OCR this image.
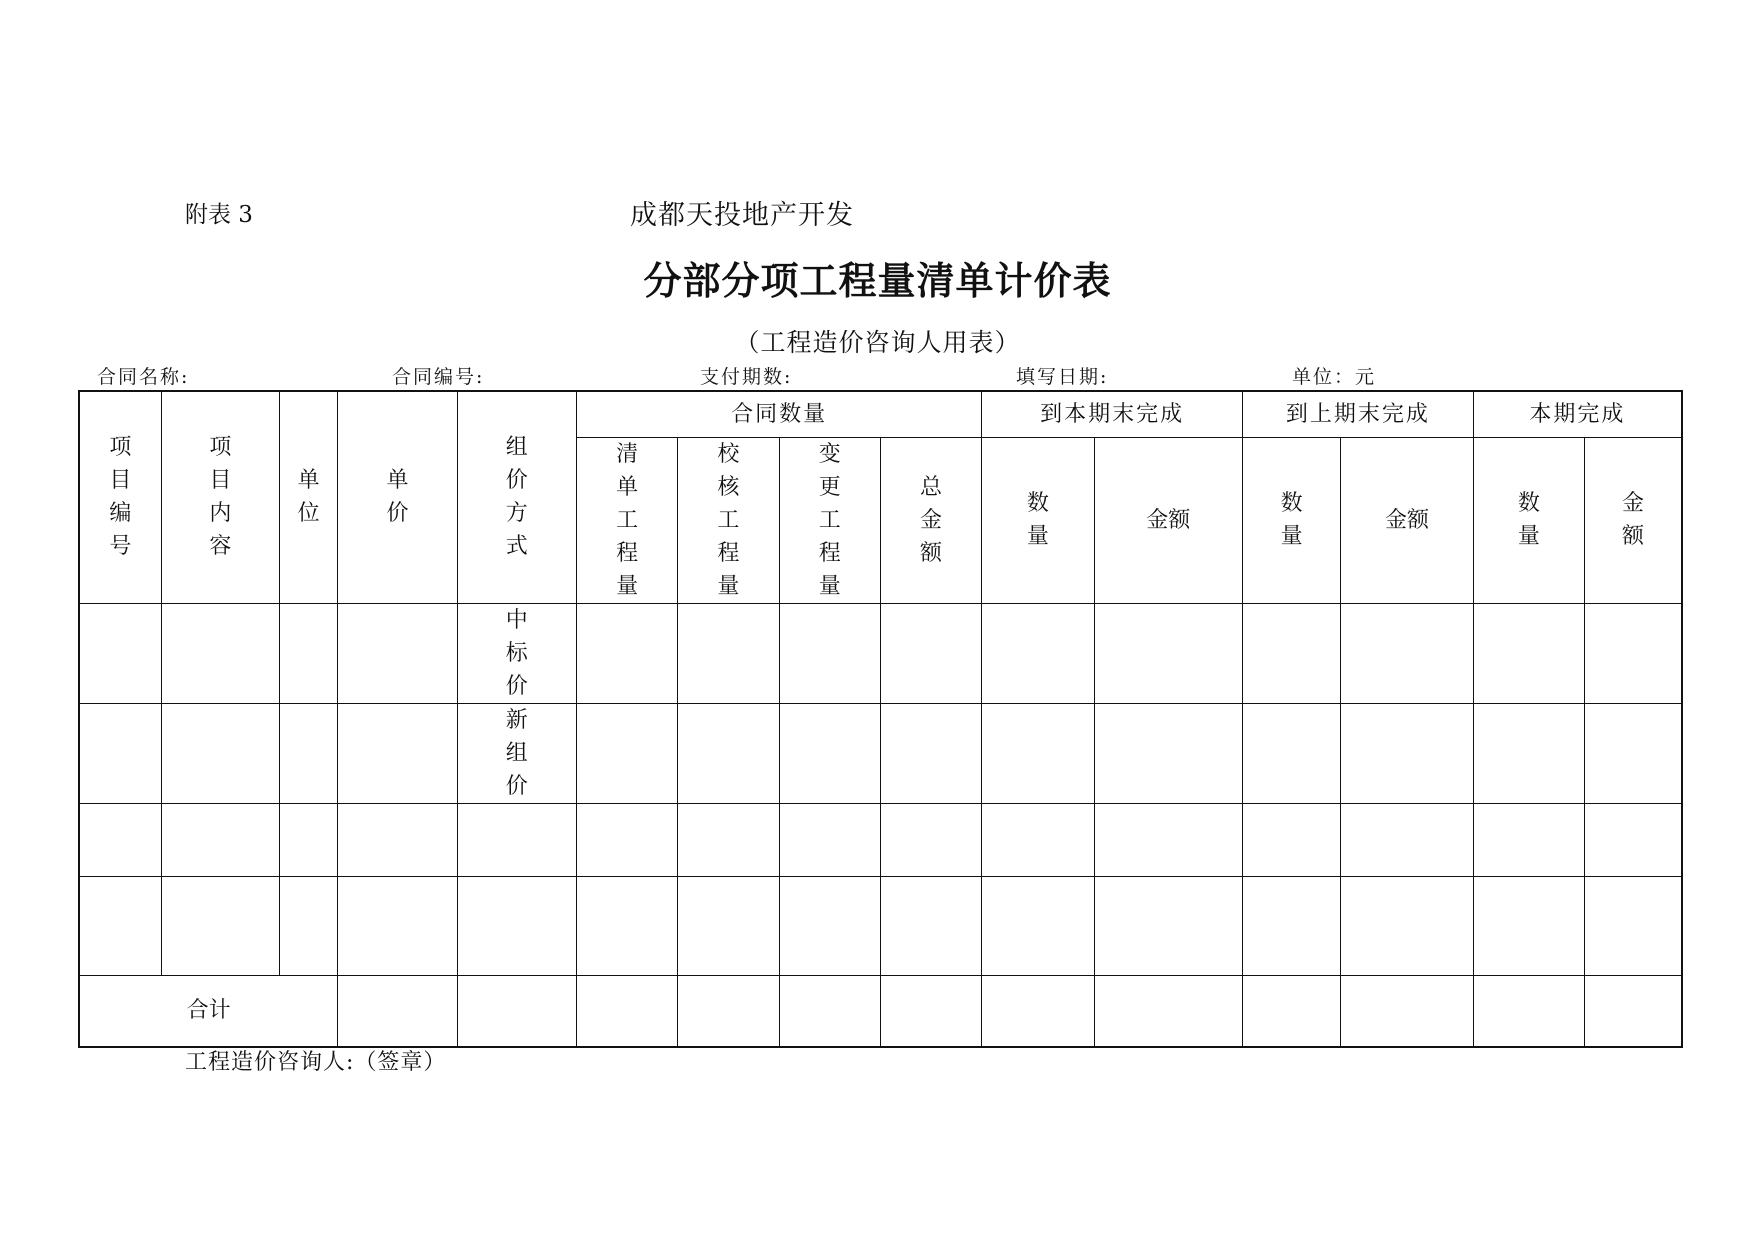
附表 3	成都天投地产开发
分部分项工程量清单计价表
（工程造价咨询人用表）
合同名称:	合同编号:	支付期数:	填写日期:	单位：元
项目编号	项目内容	单位	单价	组价方式	合同数量				到本期末完成		到上期末完成		本期完成	
					清单工程量	校核工程量	变更工程量	总金额	数量	金额	数量	金额	数量	金额
				中标价										
				新组价										

合计														
工程造价咨询人:（签章）
